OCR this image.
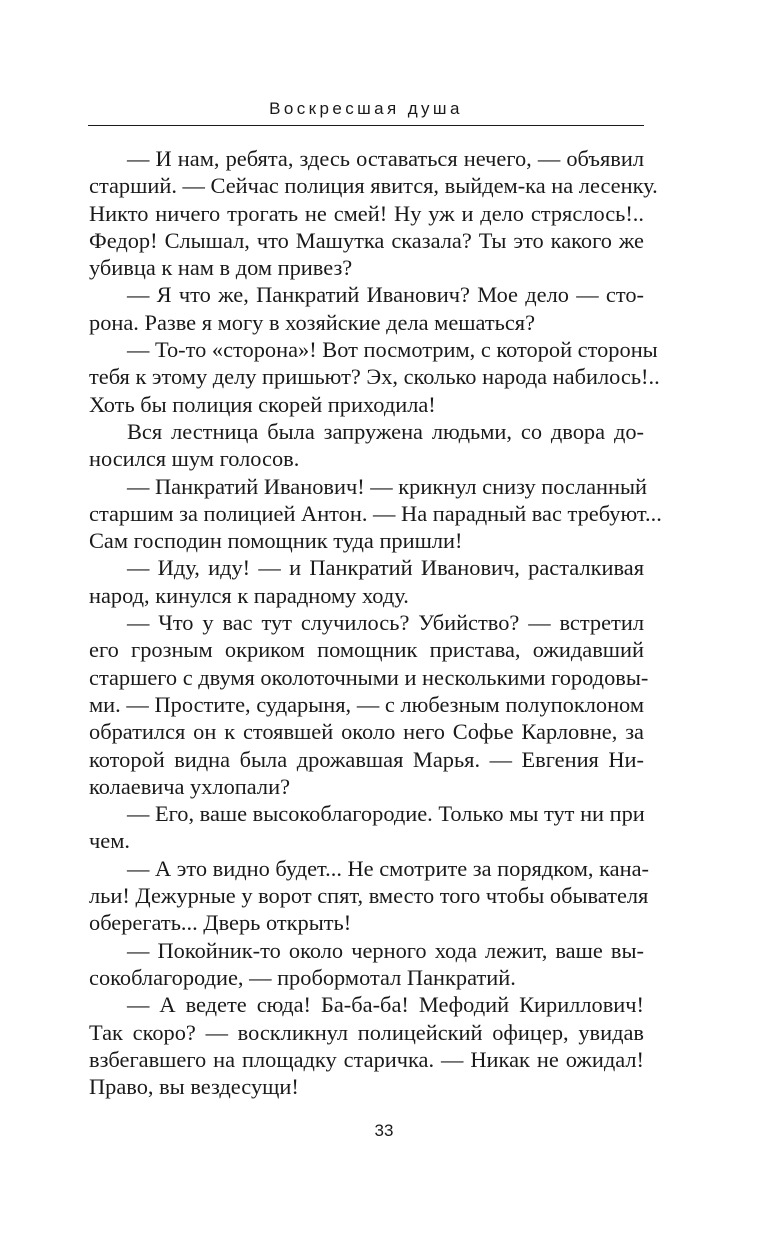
Воскресшая душа
— И нам, ребята, здесь оставаться нечего, — объявил
старший. — Сейчас полиция явится, выйдем-ка на лесенку.
Никто ничего трогать не смей! Ну уж и дело стряслось!..
Федор! Слышал, что Машутка сказала? Ты это какого же
убивца к нам в дом привез?
— Я что же, Панкратий Иванович? Мое дело — сто-
рона. Разве я могу в хозяйские дела мешаться?
— То-то «сторона»! Вот посмотрим, с которой стороны
тебя к этому делу пришьют? Эх, сколько народа набилось!..
Хоть бы полиция скорей приходила!
Вся лестница была запружена людьми, со двора до-
носился шум голосов.
— Панкратий Иванович! — крикнул снизу посланный
старшим за полицией Антон. — На парадный вас требуют...
Сам господин помощник туда пришли!
— Иду, иду! — и Панкратий Иванович, расталкивая
народ, кинулся к парадному ходу.
— Что у вас тут случилось? Убийство? — встретил
его грозным окриком помощник пристава, ожидавший
старшего с двумя околоточными и несколькими городовы-
ми. — Простите, сударыня, — с любезным полупоклоном
обратился он к стоявшей около него Софье Карловне, за
которой видна была дрожавшая Марья. — Евгения Ни-
колаевича ухлопали?
— Его, ваше высокоблагородие. Только мы тут ни при
чем.
— А это видно будет... Не смотрите за порядком, кана-
льи! Дежурные у ворот спят, вместо того чтобы обывателя
оберегать... Дверь открыть!
— Покойник-то около черного хода лежит, ваше вы-
сокоблагородие, — пробормотал Панкратий.
— А ведете сюда! Ба-ба-ба! Мефодий Кириллович!
Так скоро? — воскликнул полицейский офицер, увидав
взбегавшего на площадку старичка. — Никак не ожидал!
Право, вы вездесущи!
33
